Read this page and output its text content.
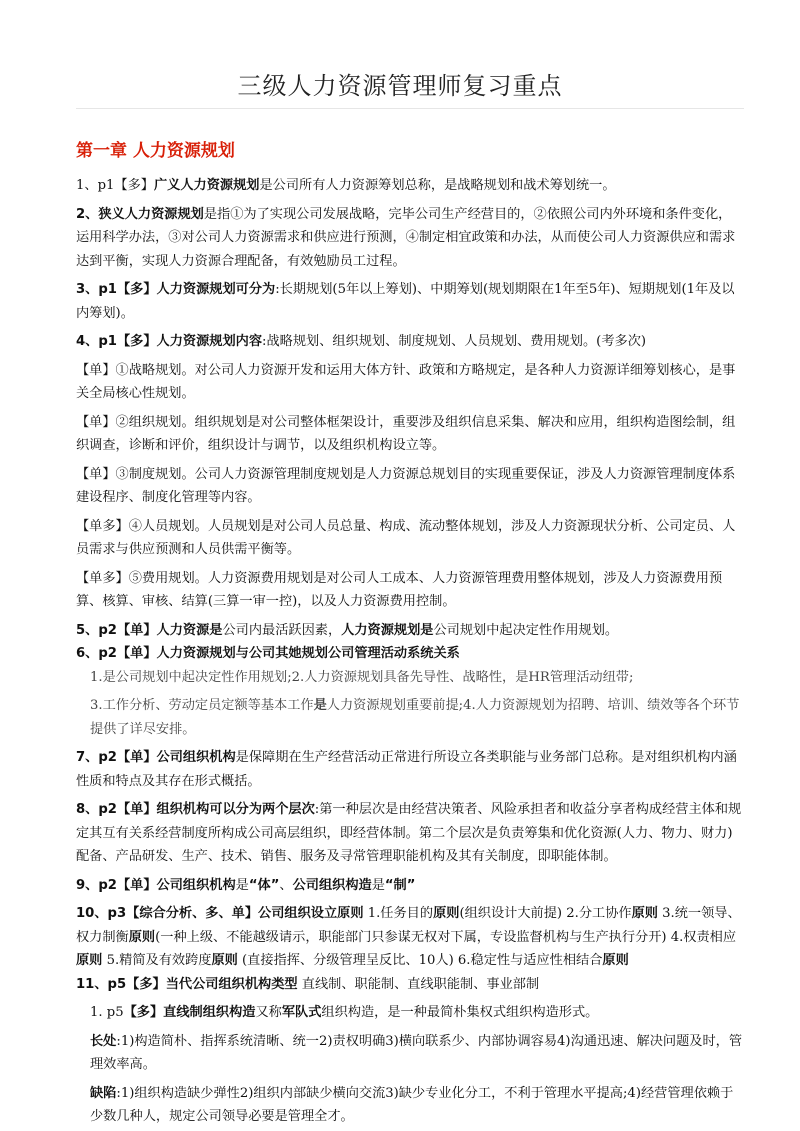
三级人力资源管理师复习重点
第一章 人力资源规划

1、p1【多】广义人力资源规划是公司所有人力资源筹划总称，是战略规划和战术筹划统一。

2、狭义人力资源规划是指①为了实现公司发展战略，完毕公司生产经营目的，②依照公司内外环境和条件变化，运用科学办法，③对公司人力资源需求和供应进行预测，④制定相宜政策和办法，从而使公司人力资源供应和需求达到平衡，实现人力资源合理配备，有效勉励员工过程。

3、p1【多】人力资源规划可分为:长期规划(5年以上筹划)、中期筹划(规划期限在1年至5年)、短期规划(1年及以内筹划)。

4、p1【多】人力资源规划内容:战略规划、组织规划、制度规划、人员规划、费用规划。(考多次)

【单】①战略规划。对公司人力资源开发和运用大体方针、政策和方略规定，是各种人力资源详细筹划核心，是事关全局核心性规划。

【单】②组织规划。组织规划是对公司整体框架设计，重要涉及组织信息采集、解决和应用，组织构造图绘制，组织调查，诊断和评价，组织设计与调节，以及组织机构设立等。

【单】③制度规划。公司人力资源管理制度规划是人力资源总规划目的实现重要保证，涉及人力资源管理制度体系建设程序、制度化管理等内容。

【单多】④人员规划。人员规划是对公司人员总量、构成、流动整体规划，涉及人力资源现状分析、公司定员、人员需求与供应预测和人员供需平衡等。

【单多】⑤费用规划。人力资源费用规划是对公司人工成本、人力资源管理费用整体规划，涉及人力资源费用预算、核算、审核、结算(三算一审一控)，以及人力资源费用控制。

5、p2【单】人力资源是公司内最活跃因素，人力资源规划是公司规划中起决定性作用规划。

6、p2【单】人力资源规划与公司其她规划公司管理活动系统关系

1.是公司规划中起决定性作用规划;2.人力资源规划具备先导性、战略性，是HR管理活动纽带;

3.工作分析、劳动定员定额等基本工作是人力资源规划重要前提;4.人力资源规划为招聘、培训、绩效等各个环节提供了详尽安排。

7、p2【单】公司组织机构是保障期在生产经营活动正常进行所设立各类职能与业务部门总称。是对组织机构内涵性质和特点及其存在形式概括。

8、p2【单】组织机构可以分为两个层次:第一种层次是由经营决策者、风险承担者和收益分享者构成经营主体和规定其互有关系经营制度所构成公司高层组织，即经营体制。第二个层次是负责筹集和优化资源(人力、物力、财力)配备、产品研发、生产、技术、销售、服务及寻常管理职能机构及其有关制度，即职能体制。

9、p2【单】公司组织机构是“体”、公司组织构造是“制”

10、p3【综合分析、多、单】公司组织设立原则 1.任务目的原则(组织设计大前提) 2.分工协作原则 3.统一领导、权力制衡原则(一种上级、不能越级请示，职能部门只参谋无权对下属，专设监督机构与生产执行分开) 4.权责相应原则 5.精简及有效跨度原则 (直接指挥、分级管理呈反比、10人) 6.稳定性与适应性相结合原则

11、p5【多】当代公司组织机构类型 直线制、职能制、直线职能制、事业部制

1. p5【多】直线制组织构造又称军队式组织构造，是一种最简朴集权式组织构造形式。

长处:1)构造简朴、指挥系统清晰、统一2)责权明确3)横向联系少、内部协调容易4)沟通迅速、解决问题及时，管理效率高。

缺陷:1)组织构造缺少弹性2)组织内部缺少横向交流3)缺少专业化分工，不利于管理水平提高;4)经营管理依赖于少数几种人，规定公司领导必要是管理全才。
